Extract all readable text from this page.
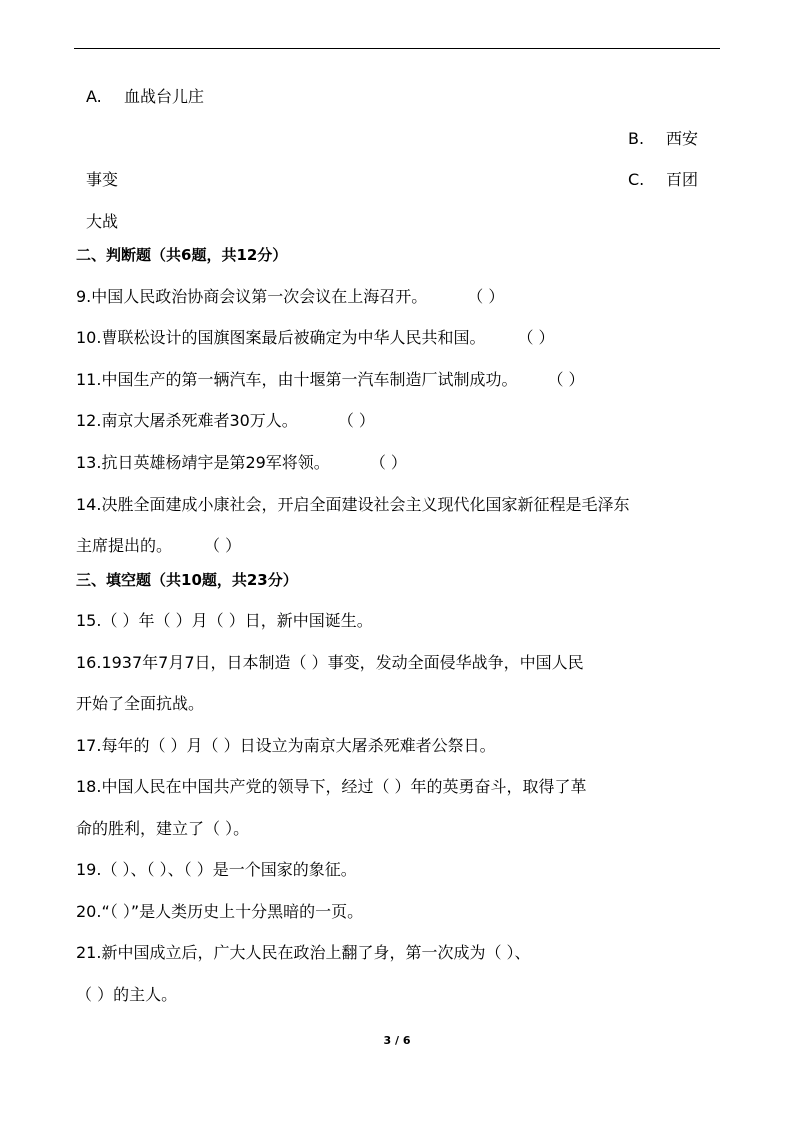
A. 血战台儿庄
B. 西安
事变	C. 百团
大战
二、判断题（共6题，共12分）
9.中国人民政治协商会议第一次会议在上海召开。	（ ）
10.曹联松设计的国旗图案最后被确定为中华人民共和国。 （ ）
11.中国生产的第一辆汽车，由十堰第一汽车制造厂试制成功。 （ ）
12.南京大屠杀死难者30万人。	（ ）
13.抗日英雄杨靖宇是第29军将领。	（ ）
14.决胜全面建成小康社会，开启全面建设社会主义现代化国家新征程是毛泽东
主席提出的。 （ ）
三、填空题（共10题，共23分）
15.（ ）年（ ）月（ ）日，新中国诞生。
16.1937年7月7日，日本制造（ ）事变，发动全面侵华战争，中国人民
开始了全面抗战。
17.每年的（ ）月（ ）日设立为南京大屠杀死难者公祭日。
18.中国人民在中国共产党的领导下，经过（ ）年的英勇奋斗，取得了革
命的胜利，建立了（ ）。
19.（ ）、（ ）、（ ）是一个国家的象征。
20.“（ ）”是人类历史上十分黑暗的一页。
21.新中国成立后，广大人民在政治上翻了身，第一次成为（ ）、
（ ）的主人。
3 / 6
